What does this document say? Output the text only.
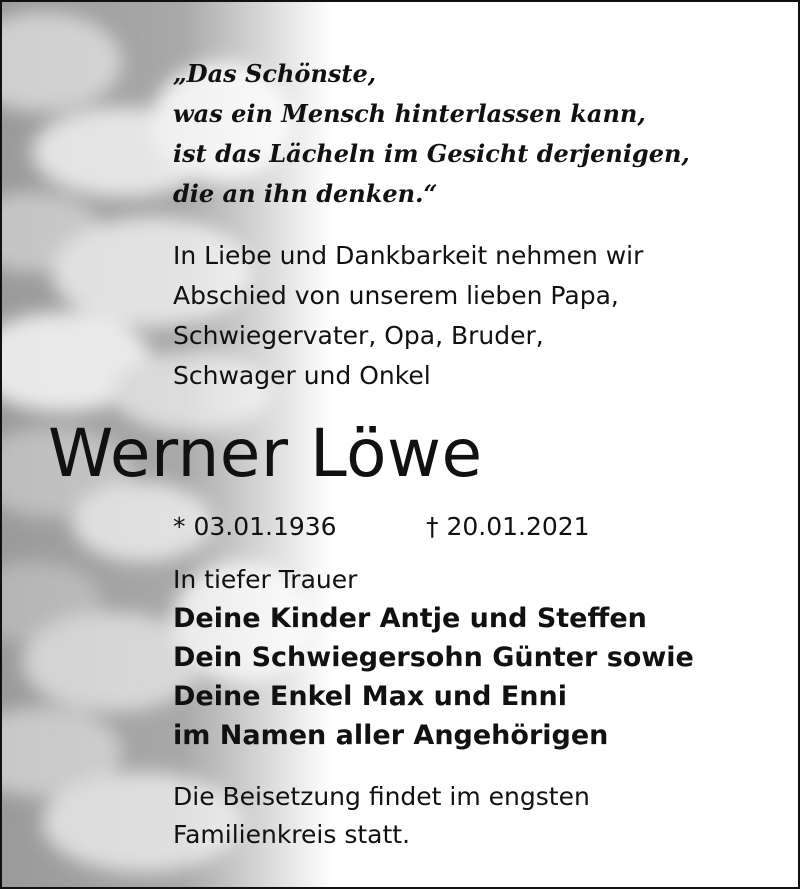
„Das Schönste,
was ein Mensch hinterlassen kann,
ist das Lächeln im Gesicht derjenigen,
die an ihn denken.“
In Liebe und Dankbarkeit nehmen wir
Abschied von unserem lieben Papa,
Schwiegervater, Opa, Bruder,
Schwager und Onkel
Werner Löwe
* 03.01.1936	† 20.01.2021
In tiefer Trauer
Deine Kinder Antje und Steffen
Dein Schwiegersohn Günter sowie
Deine Enkel Max und Enni
im Namen aller Angehörigen
Die Beisetzung findet im engsten
Familienkreis statt.
